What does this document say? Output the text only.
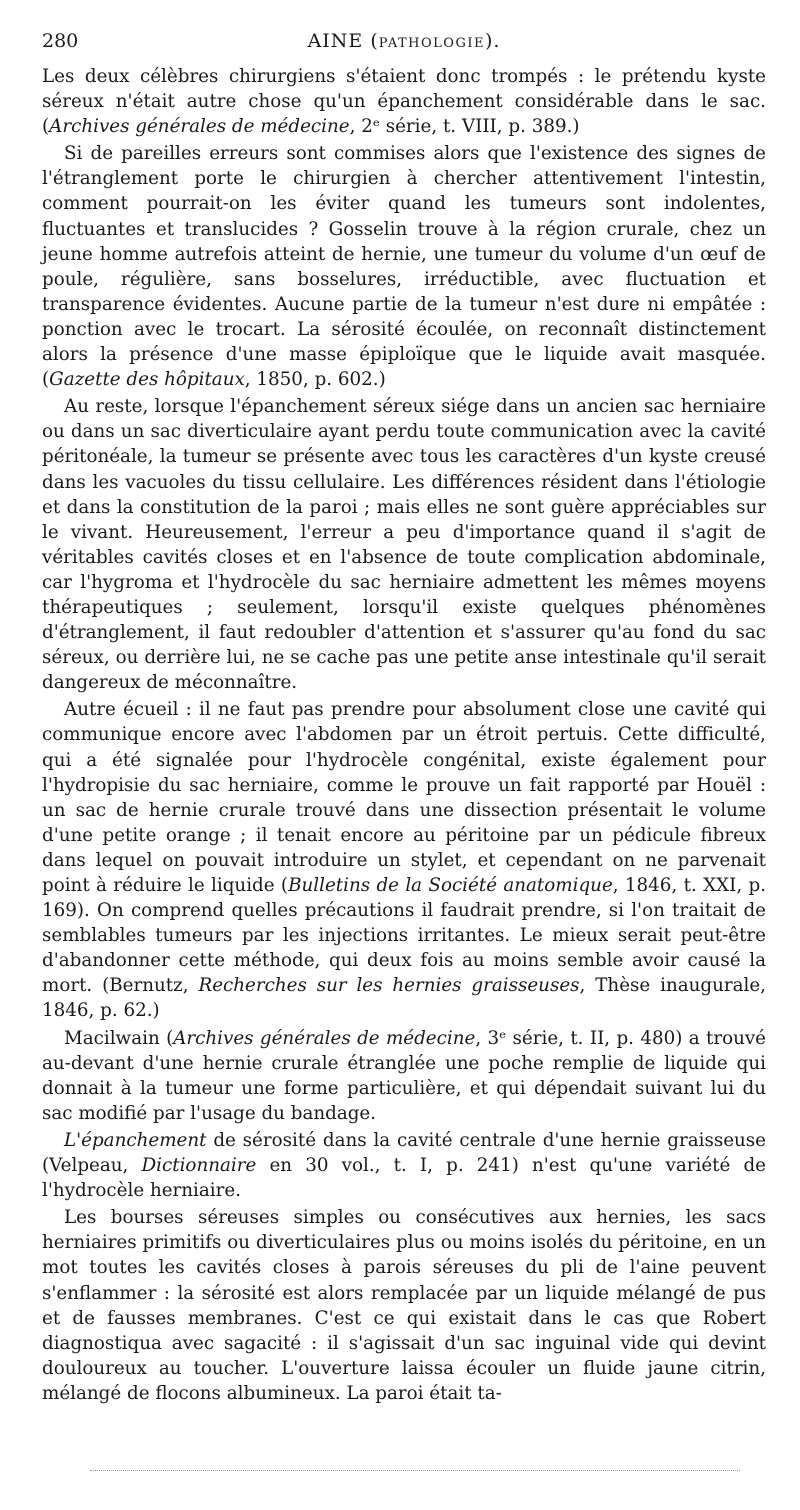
280	AINE (PATHOLOGIE).

Les deux célèbres chirurgiens s'étaient donc trompés : le prétendu kyste séreux n'était autre chose qu'un épanchement considérable dans le sac. (Archives générales de médecine, 2ᵉ série, t. VIII, p. 389.)

Si de pareilles erreurs sont commises alors que l'existence des signes de l'étranglement porte le chirurgien à chercher attentivement l'intestin, comment pourrait-on les éviter quand les tumeurs sont indolentes, fluctuantes et translucides ? Gosselin trouve à la région crurale, chez un jeune homme autrefois atteint de hernie, une tumeur du volume d'un œuf de poule, régulière, sans bosselures, irréductible, avec fluctuation et transparence évidentes. Aucune partie de la tumeur n'est dure ni empâtée : ponction avec le trocart. La sérosité écoulée, on reconnaît distinctement alors la présence d'une masse épiploïque que le liquide avait masquée. (Gazette des hôpitaux, 1850, p. 602.)

Au reste, lorsque l'épanchement séreux siége dans un ancien sac herniaire ou dans un sac diverticulaire ayant perdu toute communication avec la cavité péritonéale, la tumeur se présente avec tous les caractères d'un kyste creusé dans les vacuoles du tissu cellulaire. Les différences résident dans l'étiologie et dans la constitution de la paroi ; mais elles ne sont guère appréciables sur le vivant. Heureusement, l'erreur a peu d'importance quand il s'agit de véritables cavités closes et en l'absence de toute complication abdominale, car l'hygroma et l'hydrocèle du sac herniaire admettent les mêmes moyens thérapeutiques ; seulement, lorsqu'il existe quelques phénomènes d'étranglement, il faut redoubler d'attention et s'assurer qu'au fond du sac séreux, ou derrière lui, ne se cache pas une petite anse intestinale qu'il serait dangereux de méconnaître.

Autre écueil : il ne faut pas prendre pour absolument close une cavité qui communique encore avec l'abdomen par un étroit pertuis. Cette difficulté, qui a été signalée pour l'hydrocèle congénital, existe également pour l'hydropisie du sac herniaire, comme le prouve un fait rapporté par Houël : un sac de hernie crurale trouvé dans une dissection présentait le volume d'une petite orange ; il tenait encore au péritoine par un pédicule fibreux dans lequel on pouvait introduire un stylet, et cependant on ne parvenait point à réduire le liquide (Bulletins de la Société anatomique, 1846, t. XXI, p. 169). On comprend quelles précautions il faudrait prendre, si l'on traitait de semblables tumeurs par les injections irritantes. Le mieux serait peut-être d'abandonner cette méthode, qui deux fois au moins semble avoir causé la mort. (Bernutz, Recherches sur les hernies graisseuses, Thèse inaugurale, 1846, p. 62.)

Macilwain (Archives générales de médecine, 3ᵉ série, t. II, p. 480) a trouvé au-devant d'une hernie crurale étranglée une poche remplie de liquide qui donnait à la tumeur une forme particulière, et qui dépendait suivant lui du sac modifié par l'usage du bandage.

L'épanchement de sérosité dans la cavité centrale d'une hernie graisseuse (Velpeau, Dictionnaire en 30 vol., t. I, p. 241) n'est qu'une variété de l'hydrocèle herniaire.

Les bourses séreuses simples ou consécutives aux hernies, les sacs herniaires primitifs ou diverticulaires plus ou moins isolés du péritoine, en un mot toutes les cavités closes à parois séreuses du pli de l'aine peuvent s'enflammer : la sérosité est alors remplacée par un liquide mélangé de pus et de fausses membranes. C'est ce qui existait dans le cas que Robert diagnostiqua avec sagacité : il s'agissait d'un sac inguinal vide qui devint douloureux au toucher. L'ouverture laissa écouler un fluide jaune citrin, mélangé de flocons albumineux. La paroi était ta-
